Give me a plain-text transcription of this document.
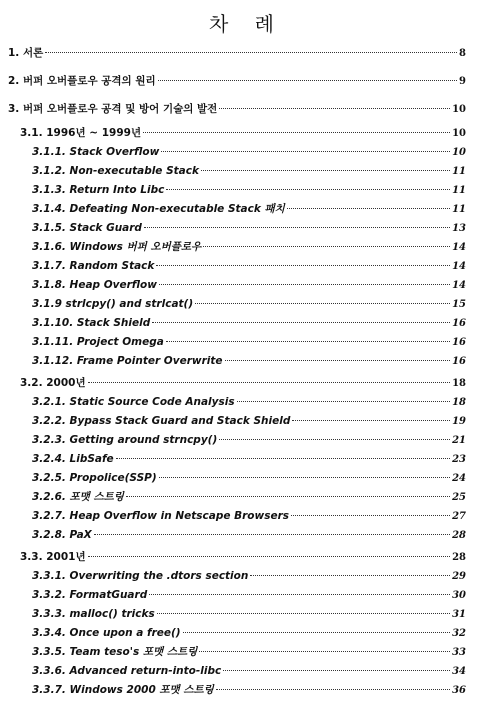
차 례
1. 서론	8
2. 버퍼 오버플로우 공격의 원리	9
3. 버퍼 오버플로우 공격 및 방어 기술의 발전	10
3.1. 1996년 ~ 1999년	10
3.1.1. Stack Overflow	10
3.1.2. Non-executable Stack	11
3.1.3. Return Into Libc	11
3.1.4. Defeating Non-executable Stack 패치	11
3.1.5. Stack Guard	13
3.1.6. Windows 버퍼 오버플로우	14
3.1.7. Random Stack	14
3.1.8. Heap Overflow	14
3.1.9 strlcpy() and strlcat()	15
3.1.10. Stack Shield	16
3.1.11. Project Omega	16
3.1.12. Frame Pointer Overwrite	16
3.2. 2000년	18
3.2.1. Static Source Code Analysis	18
3.2.2. Bypass Stack Guard and Stack Shield	19
3.2.3. Getting around strncpy()	21
3.2.4. LibSafe	23
3.2.5. Propolice(SSP)	24
3.2.6. 포맷 스트링	25
3.2.7. Heap Overflow in Netscape Browsers	27
3.2.8. PaX	28
3.3. 2001년	28
3.3.1. Overwriting the .dtors section	29
3.3.2. FormatGuard	30
3.3.3. malloc() tricks	31
3.3.4. Once upon a free()	32
3.3.5. Team teso's 포맷 스트링	33
3.3.6. Advanced return-into-libc	34
3.3.7. Windows 2000 포맷 스트링	36
